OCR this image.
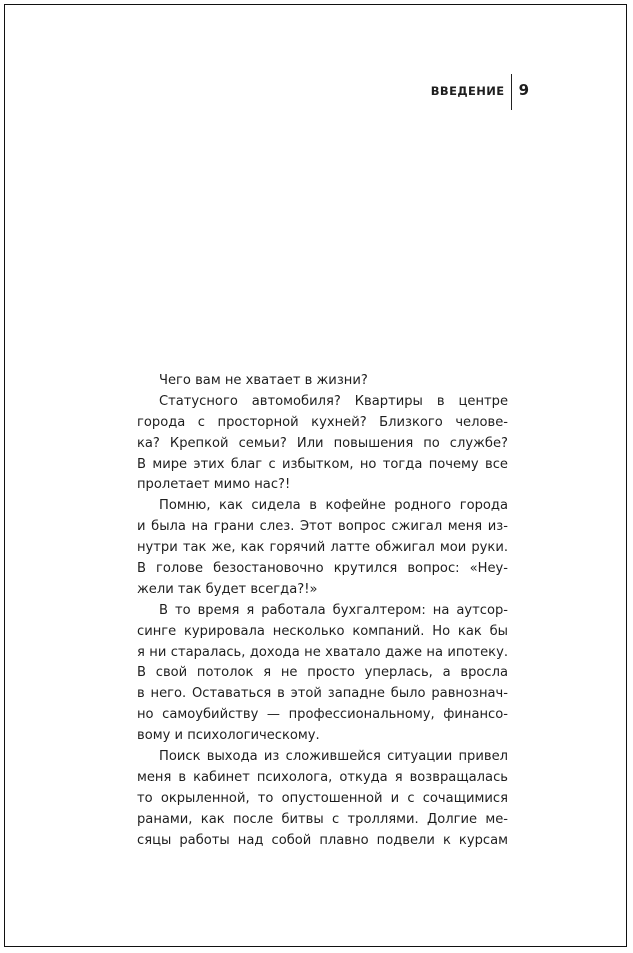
ВВЕДЕНИЕ 9
Чего вам не хватает в жизни?
Статусного автомобиля? Квартиры в центре
города с просторной кухней? Близкого челове-
ка? Крепкой семьи? Или повышения по службе?
В мире этих благ с избытком, но тогда почему все
пролетает мимо нас?!
Помню, как сидела в кофейне родного города
и была на грани слез. Этот вопрос сжигал меня из-
нутри так же, как горячий латте обжигал мои руки.
В голове безостановочно крутился вопрос: «Неу-
жели так будет всегда?!»
В то время я работала бухгалтером: на аутсор-
синге курировала несколько компаний. Но как бы
я ни старалась, дохода не хватало даже на ипотеку.
В свой потолок я не просто уперлась, а вросла
в него. Оставаться в этой западне было равнознач-
но самоубийству — профессиональному, финансо-
вому и психологическому.
Поиск выхода из сложившейся ситуации привел
меня в кабинет психолога, откуда я возвращалась
то окрыленной, то опустошенной и с сочащимися
ранами, как после битвы с троллями. Долгие ме-
сяцы работы над собой плавно подвели к курсам
